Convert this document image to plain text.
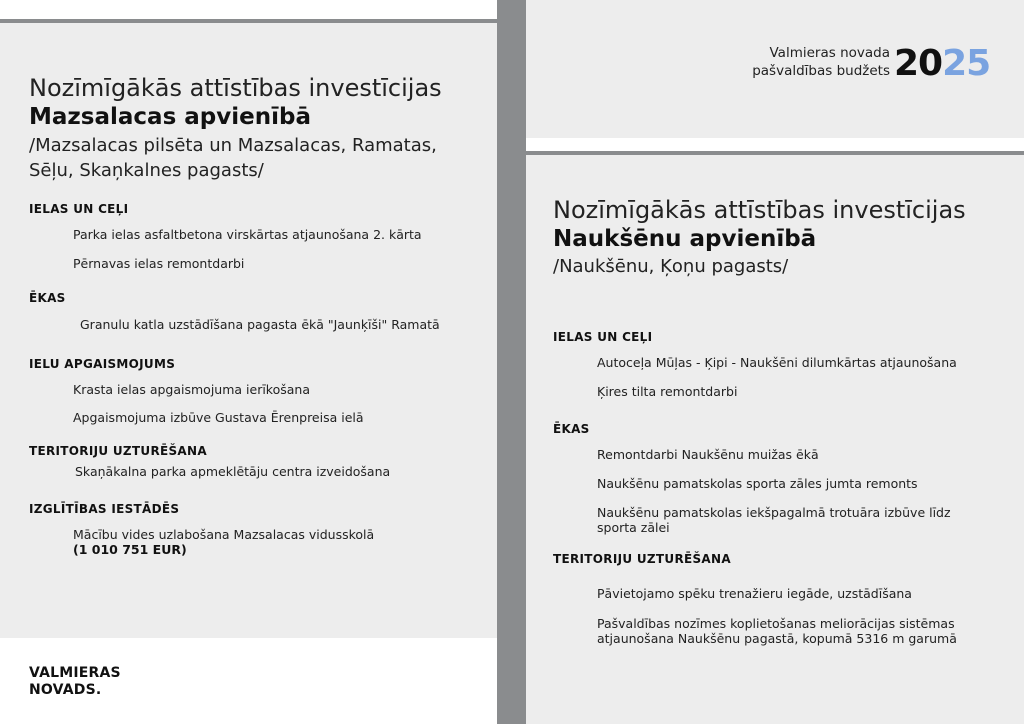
Nozīmīgākās attīstības investīcijas
Mazsalacas apvienībā
/Mazsalacas pilsēta un Mazsalacas, Ramatas, Sēļu, Skaņkalnes pagasts/
IELAS UN CEĻI
Parka ielas asfaltbetona virskārtas atjaunošana 2. kārta
Pērnavas ielas remontdarbi
ĒKAS
Granulu katla uzstādīšana pagasta ēkā "Jaunķīši" Ramatā
IELU APGAISMOJUMS
Krasta ielas apgaismojuma ierīkošana
Apgaismojuma izbūve Gustava Ērenpreisa ielā
TERITORIJU UZTURĒŠANA
Skaņākalna parka apmeklētāju centra izveidošana
IZGLĪTĪBAS IESTĀDĒS
Mācību vides uzlabošana Mazsalacas vidusskolā
(1 010 751 EUR)
VALMIERAS
NOVADS.
Valmieras novada
pašvaldības budžets 2025
Nozīmīgākās attīstības investīcijas
Naukšēnu apvienībā
/Naukšēnu, Ķoņu pagasts/
IELAS UN CEĻI
Autoceļa Mūļas - Ķipi - Naukšēni dilumkārtas atjaunošana
Ķires tilta remontdarbi
ĒKAS
Remontdarbi Naukšēnu muižas ēkā
Naukšēnu pamatskolas sporta zāles jumta remonts
Naukšēnu pamatskolas iekšpagalmā trotuāra izbūve līdz sporta zālei
TERITORIJU UZTURĒŠANA
Pāvietojamo spēku trenažieru iegāde, uzstādīšana
Pašvaldības nozīmes koplietošanas meliorācijas sistēmas atjaunošana Naukšēnu pagastā, kopumā 5316 m garumā
